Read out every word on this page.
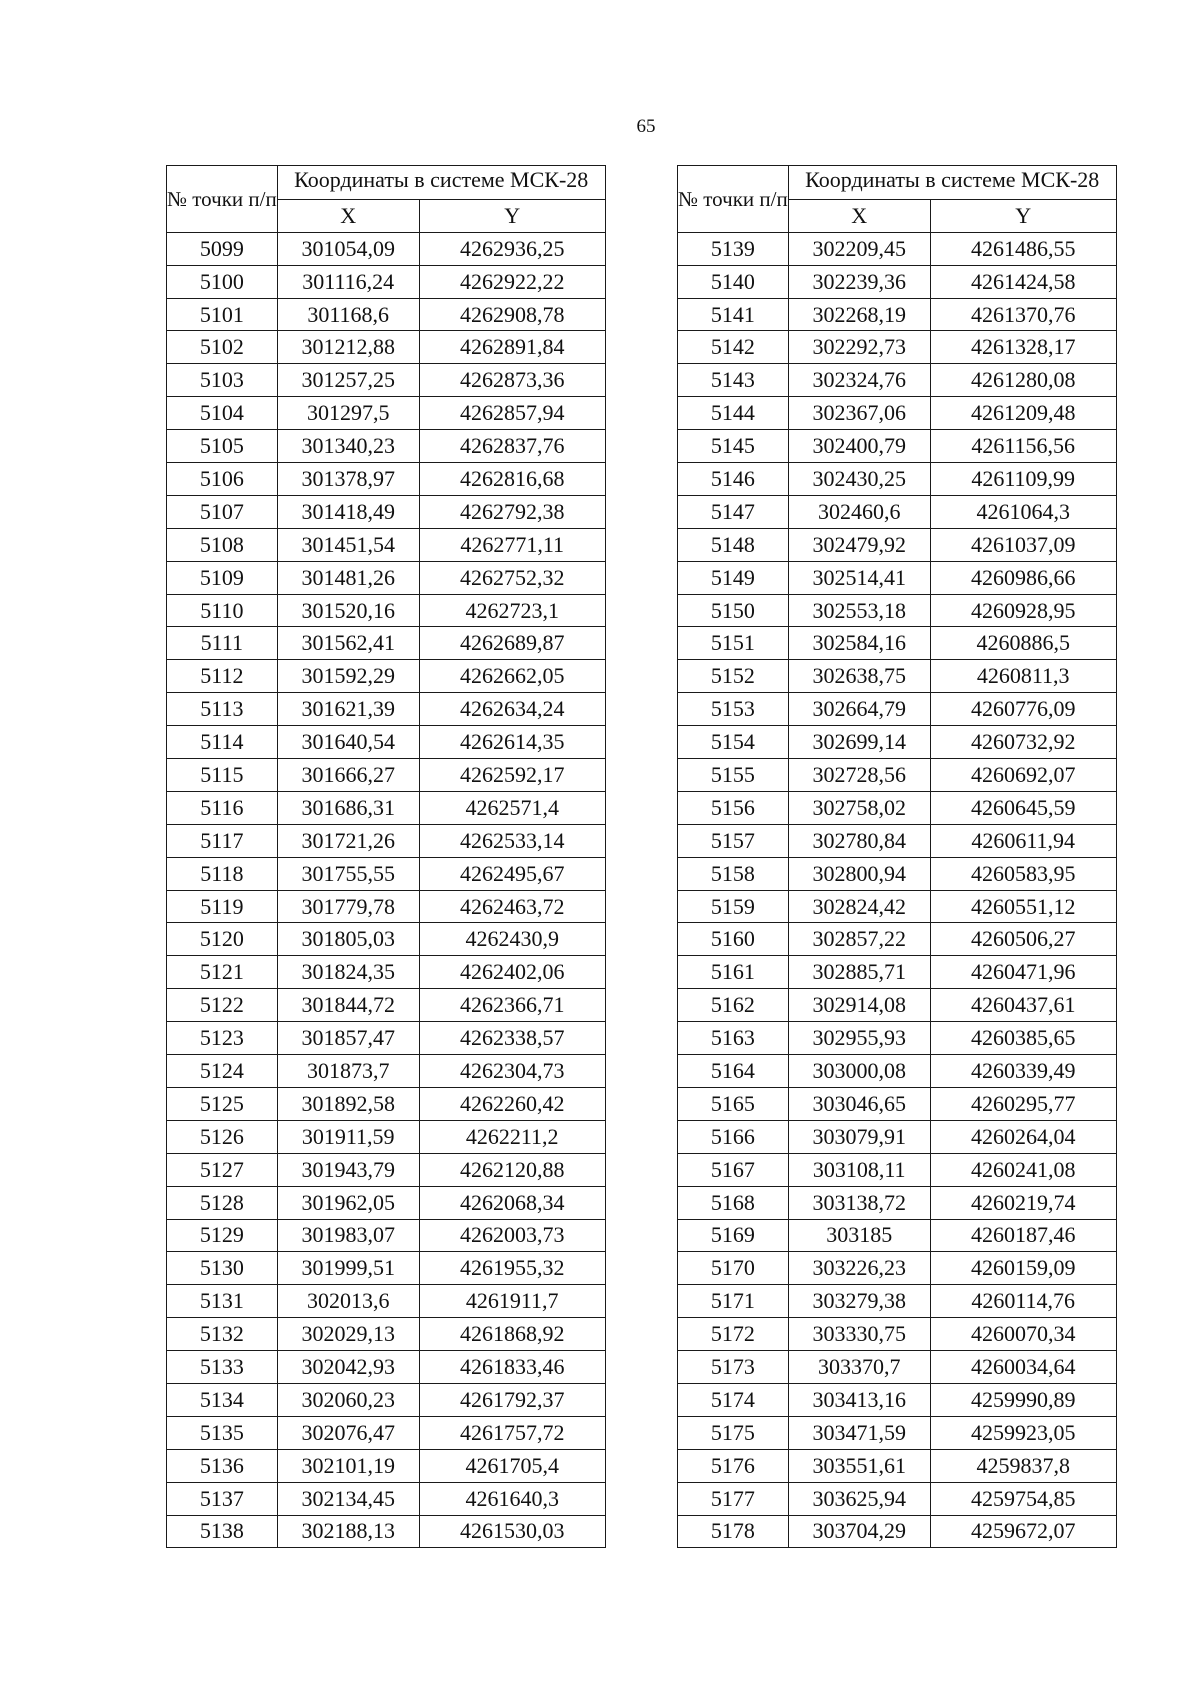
65
№ точки п/п	Координаты в системе МСК-28	
	X	Y
5099	301054,09	4262936,25
5100	301116,24	4262922,22
5101	301168,6	4262908,78
5102	301212,88	4262891,84
5103	301257,25	4262873,36
5104	301297,5	4262857,94
5105	301340,23	4262837,76
5106	301378,97	4262816,68
5107	301418,49	4262792,38
5108	301451,54	4262771,11
5109	301481,26	4262752,32
5110	301520,16	4262723,1
5111	301562,41	4262689,87
5112	301592,29	4262662,05
5113	301621,39	4262634,24
5114	301640,54	4262614,35
5115	301666,27	4262592,17
5116	301686,31	4262571,4
5117	301721,26	4262533,14
5118	301755,55	4262495,67
5119	301779,78	4262463,72
5120	301805,03	4262430,9
5121	301824,35	4262402,06
5122	301844,72	4262366,71
5123	301857,47	4262338,57
5124	301873,7	4262304,73
5125	301892,58	4262260,42
5126	301911,59	4262211,2
5127	301943,79	4262120,88
5128	301962,05	4262068,34
5129	301983,07	4262003,73
5130	301999,51	4261955,32
5131	302013,6	4261911,7
5132	302029,13	4261868,92
5133	302042,93	4261833,46
5134	302060,23	4261792,37
5135	302076,47	4261757,72
5136	302101,19	4261705,4
5137	302134,45	4261640,3
5138	302188,13	4261530,03
№ точки п/п	Координаты в системе МСК-28	
	X	Y
5139	302209,45	4261486,55
5140	302239,36	4261424,58
5141	302268,19	4261370,76
5142	302292,73	4261328,17
5143	302324,76	4261280,08
5144	302367,06	4261209,48
5145	302400,79	4261156,56
5146	302430,25	4261109,99
5147	302460,6	4261064,3
5148	302479,92	4261037,09
5149	302514,41	4260986,66
5150	302553,18	4260928,95
5151	302584,16	4260886,5
5152	302638,75	4260811,3
5153	302664,79	4260776,09
5154	302699,14	4260732,92
5155	302728,56	4260692,07
5156	302758,02	4260645,59
5157	302780,84	4260611,94
5158	302800,94	4260583,95
5159	302824,42	4260551,12
5160	302857,22	4260506,27
5161	302885,71	4260471,96
5162	302914,08	4260437,61
5163	302955,93	4260385,65
5164	303000,08	4260339,49
5165	303046,65	4260295,77
5166	303079,91	4260264,04
5167	303108,11	4260241,08
5168	303138,72	4260219,74
5169	303185	4260187,46
5170	303226,23	4260159,09
5171	303279,38	4260114,76
5172	303330,75	4260070,34
5173	303370,7	4260034,64
5174	303413,16	4259990,89
5175	303471,59	4259923,05
5176	303551,61	4259837,8
5177	303625,94	4259754,85
5178	303704,29	4259672,07
